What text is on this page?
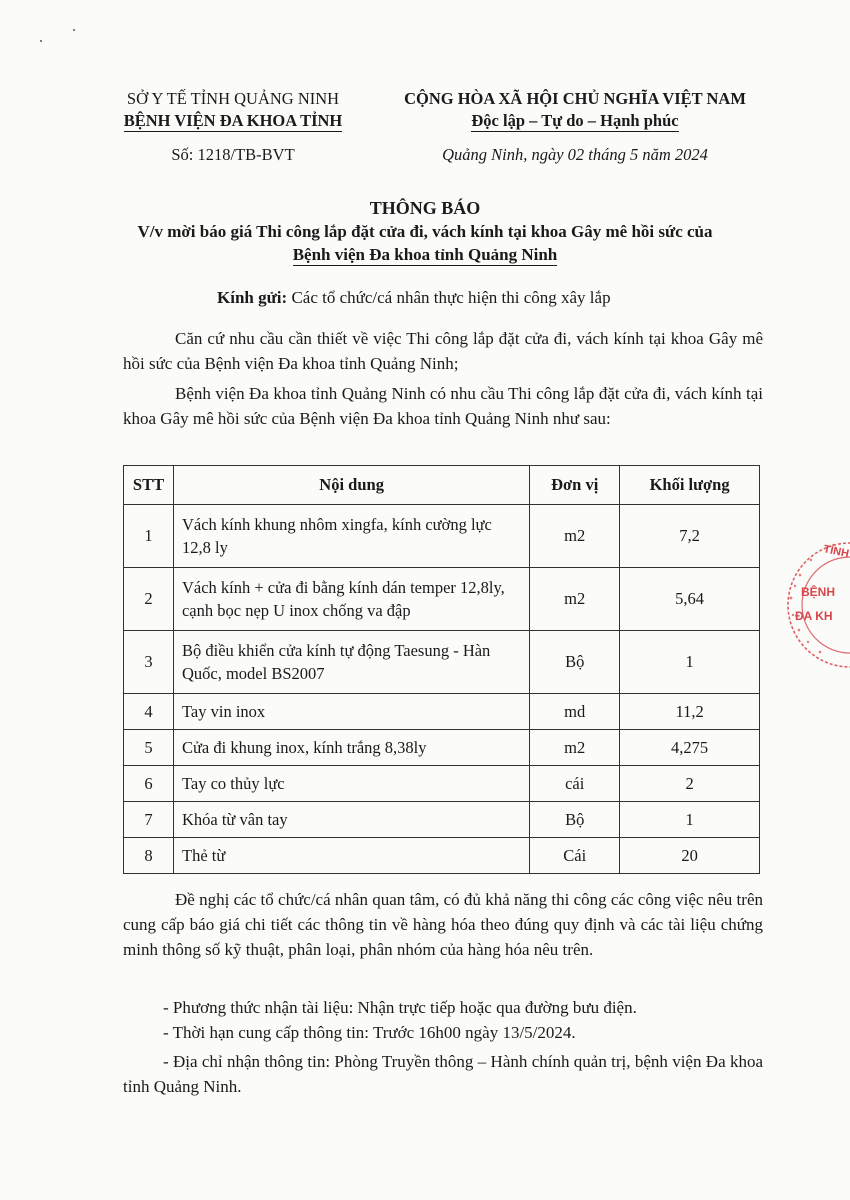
SỞ Y TẾ TỈNH QUẢNG NINH
BỆNH VIỆN ĐA KHOA TỈNH
Số: 1218/TB-BVT
CỘNG HÒA XÃ HỘI CHỦ NGHĨA VIỆT NAM
Độc lập – Tự do – Hạnh phúc
Quảng Ninh, ngày 02 tháng 5 năm 2024
THÔNG BÁO
V/v mời báo giá Thi công lắp đặt cửa đi, vách kính tại khoa Gây mê hồi sức của
Bệnh viện Đa khoa tỉnh Quảng Ninh
Kính gửi: Các tổ chức/cá nhân thực hiện thi công xây lắp
Căn cứ nhu cầu cần thiết về việc Thi công lắp đặt cửa đi, vách kính tại khoa Gây mê hồi sức của Bệnh viện Đa khoa tỉnh Quảng Ninh;
Bệnh viện Đa khoa tỉnh Quảng Ninh có nhu cầu Thi công lắp đặt cửa đi, vách kính tại khoa Gây mê hồi sức của Bệnh viện Đa khoa tỉnh Quảng Ninh như sau:
STT	Nội dung	Đơn vị	Khối lượng
1	Vách kính khung nhôm xingfa, kính cường lực 12,8 ly	m2	7,2
2	Vách kính + cửa đi bằng kính dán temper 12,8ly, cạnh bọc nẹp U inox chống va đập	m2	5,64
3	Bộ điều khiển cửa kính tự động Taesung - Hàn Quốc, model BS2007	Bộ	1
4	Tay vin inox	md	11,2
5	Cửa đi khung inox, kính trắng 8,38ly	m2	4,275
6	Tay co thủy lực	cái	2
7	Khóa từ vân tay	Bộ	1
8	Thẻ từ	Cái	20
Đề nghị các tổ chức/cá nhân quan tâm, có đủ khả năng thi công các công việc nêu trên cung cấp báo giá chi tiết các thông tin về hàng hóa theo đúng quy định và các tài liệu chứng minh thông số kỹ thuật, phân loại, phân nhóm của hàng hóa nêu trên.
- Phương thức nhận tài liệu: Nhận trực tiếp hoặc qua đường bưu điện.
- Thời hạn cung cấp thông tin: Trước 16h00 ngày 13/5/2024.
- Địa chỉ nhận thông tin: Phòng Truyền thông – Hành chính quản trị, bệnh viện Đa khoa tỉnh Quảng Ninh.
TỈNH
BỆNH
ĐA KH
